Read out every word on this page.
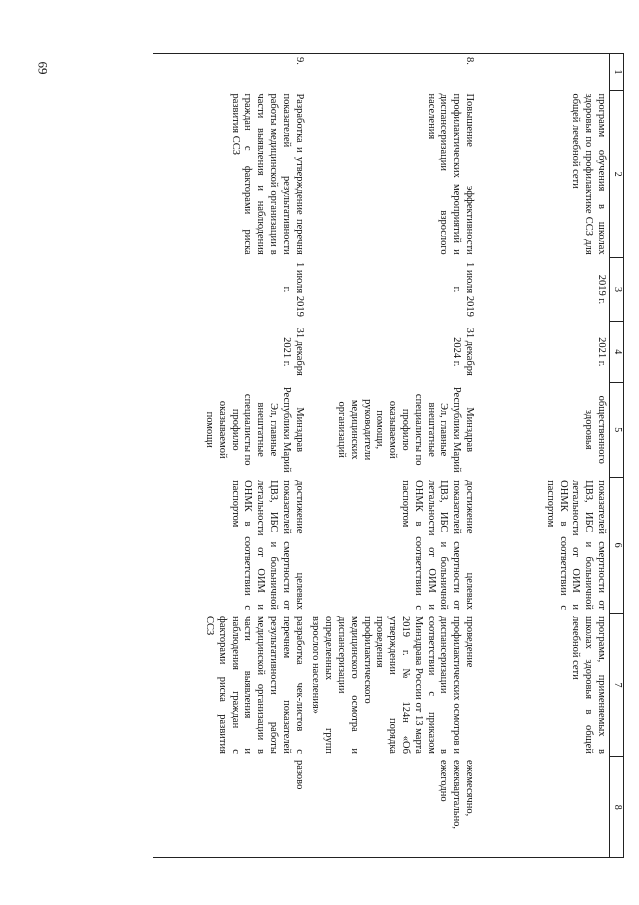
69	1	2	3	4	5	6	7	8
	программ обучения в школах здоровья по профилактике ССЗ для общей лечебной сети	2019 г.	2021 г.	общественного здоровья	показателей смертности от ЦВЗ, ИБС и больничной летальности от ОИМ и ОНМК в соответствии с паспортом	программ, применяемых в школах здоровья в общей лечебной сети	
8.	Повышение эффективности профилактических мероприятий и диспансеризации взрослого населения	1 июля 2019 г.	31 декабря 2024 г.	Минздрав Республики Марий Эл, главные внештатные специалисты по профилю оказываемой помощи, руководители медицинских организаций	достижение целевых показателей смертности от ЦВЗ, ИБС и больничной летальности от ОИМ и ОНМК в соответствии с паспортом	проведение профилактических осмотров и диспансеризации в соответствии с приказом Минздрава России от 13 марта 2019 г. № 124н «Об утверждении порядка проведения профилактического медицинского осмотра и диспансеризации определенных групп взрослого населения»	ежемесячно, ежеквартально, ежегодно
9.	Разработка и утверждение перечня показателей результативности работы медицинской организации в части выявления и наблюдения граждан с факторами риска развития ССЗ	1 июля 2019 г.	31 декабря 2021 г.	Минздрав Республики Марий Эл, главные внештатные специалисты по профилю оказываемой помощи	достижение целевых показателей смертности от ЦВЗ, ИБС и больничной летальности от ОИМ и ОНМК в соответствии с паспортом	разработка чек-листов с перечнем показателей результативности работы медицинской организации в части выявления и наблюдения граждан с факторами риска развития ССЗ	разово
